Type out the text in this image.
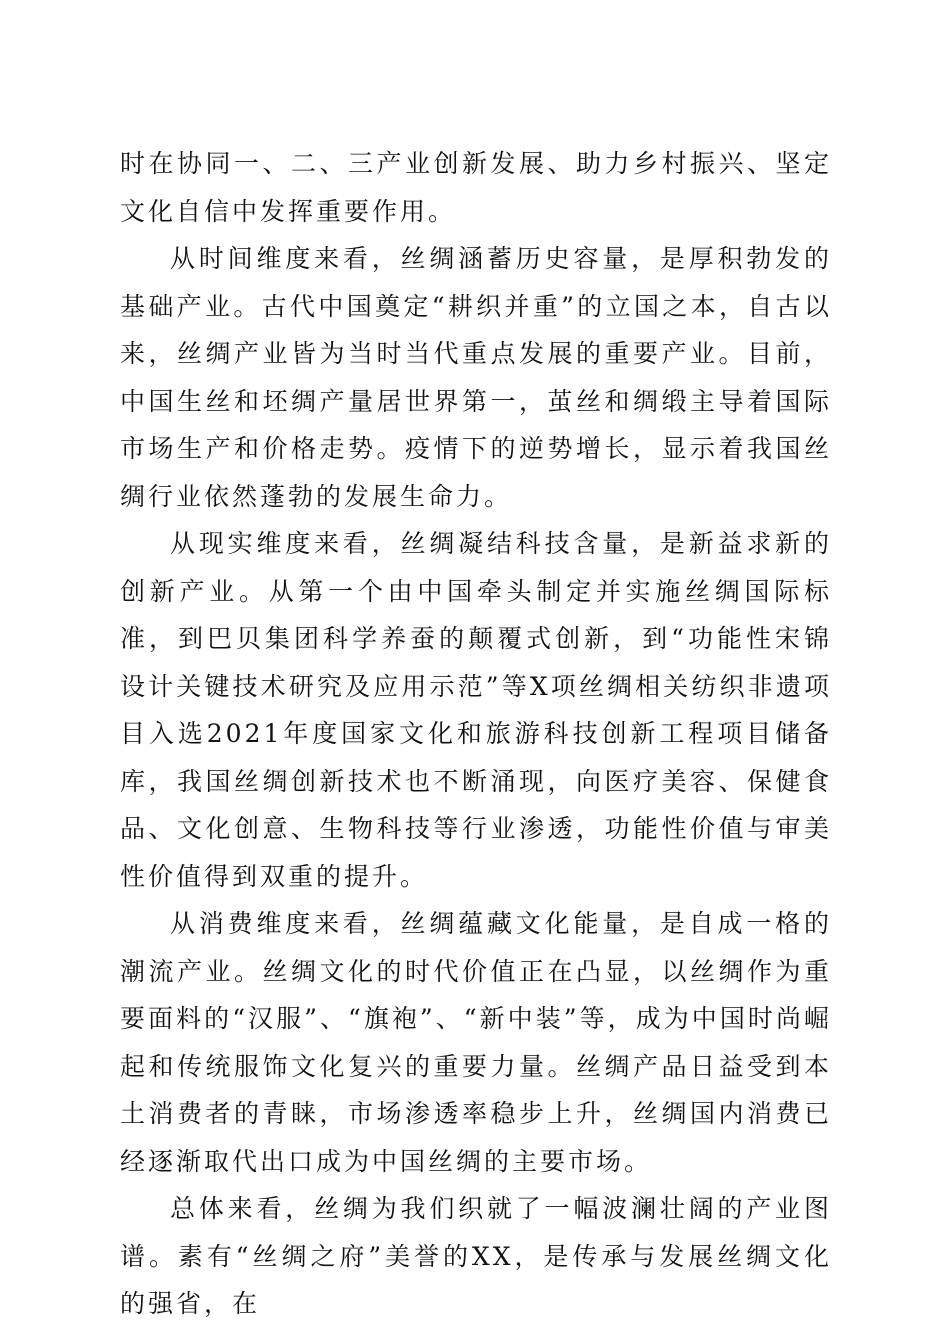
时在协同一、二、三产业创新发展、助力乡村振兴、坚定文化自信中发挥重要作用。

从时间维度来看，丝绸涵蓄历史容量，是厚积勃发的基础产业。古代中国奠定“耕织并重”的立国之本，自古以来，丝绸产业皆为当时当代重点发展的重要产业。目前，中国生丝和坯绸产量居世界第一，茧丝和绸缎主导着国际市场生产和价格走势。疫情下的逆势增长，显示着我国丝绸行业依然蓬勃的发展生命力。

从现实维度来看，丝绸凝结科技含量，是新益求新的创新产业。从第一个由中国牵头制定并实施丝绸国际标准，到巴贝集团科学养蚕的颠覆式创新，到“功能性宋锦设计关键技术研究及应用示范”等X项丝绸相关纺织非遗项目入选2021年度国家文化和旅游科技创新工程项目储备库，我国丝绸创新技术也不断涌现，向医疗美容、保健食品、文化创意、生物科技等行业渗透，功能性价值与审美性价值得到双重的提升。

从消费维度来看，丝绸蕴藏文化能量，是自成一格的潮流产业。丝绸文化的时代价值正在凸显，以丝绸作为重要面料的“汉服”、“旗袍”、“新中装”等，成为中国时尚崛起和传统服饰文化复兴的重要力量。丝绸产品日益受到本土消费者的青睐，市场渗透率稳步上升，丝绸国内消费已经逐渐取代出口成为中国丝绸的主要市场。

总体来看，丝绸为我们织就了一幅波澜壮阔的产业图谱。素有“丝绸之府”美誉的XX，是传承与发展丝绸文化的强省，在
